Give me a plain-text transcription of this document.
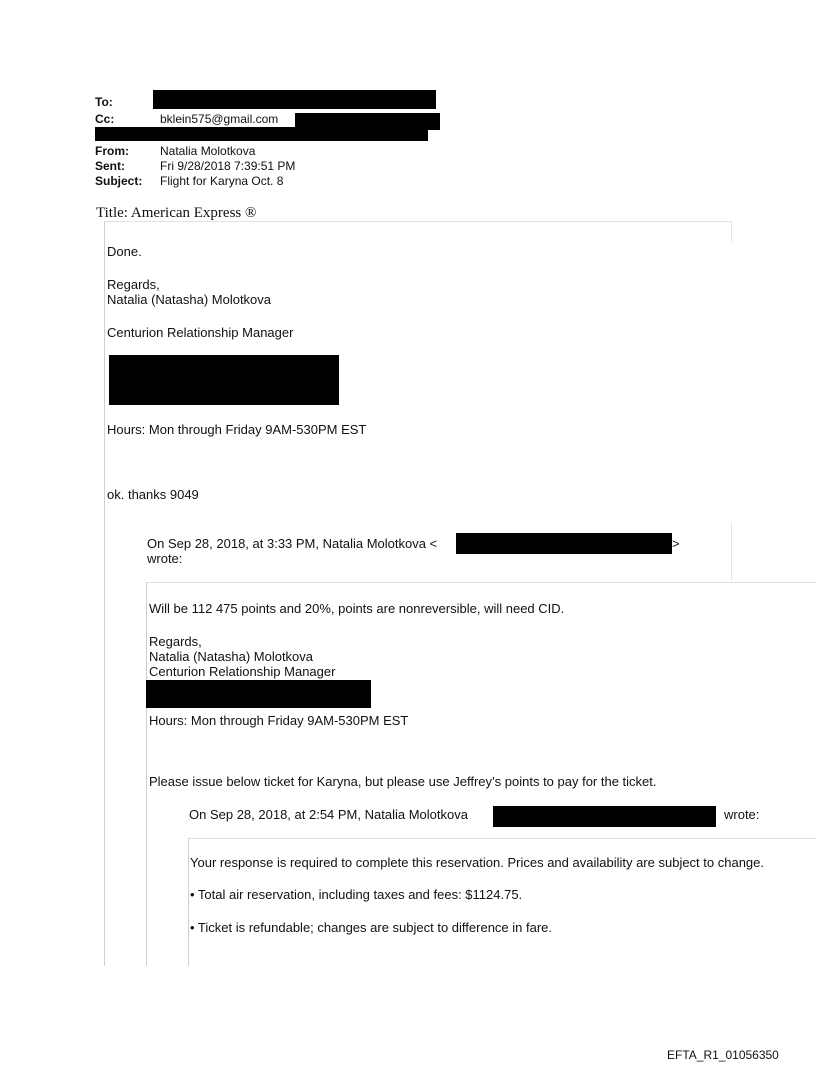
To:
Cc:	bklein575@gmail.com
From:	Natalia Molotkova
Sent:	Fri 9/28/2018 7:39:51 PM
Subject: Flight for Karyna Oct. 8
Title: American Express ®
Done.
Regards,
Natalia (Natasha) Molotkova
Centurion Relationship Manager
Hours: Mon through Friday 9AM-530PM EST
ok. thanks 9049
On Sep 28, 2018, at 3:33 PM, Natalia Molotkova <	>
wrote:
Will be 112 475 points and 20%, points are nonreversible, will need CID.
Regards,
Natalia (Natasha) Molotkova
Centurion Relationship Manager
Hours: Mon through Friday 9AM-530PM EST
Please issue below ticket for Karyna, but please use Jeffrey’s points to pay for the ticket.
On Sep 28, 2018, at 2:54 PM, Natalia Molotkova	wrote:
Your response is required to complete this reservation. Prices and availability are subject to change.
• Total air reservation, including taxes and fees: $1124.75.
• Ticket is refundable; changes are subject to difference in fare.
EFTA_R1_01056350
